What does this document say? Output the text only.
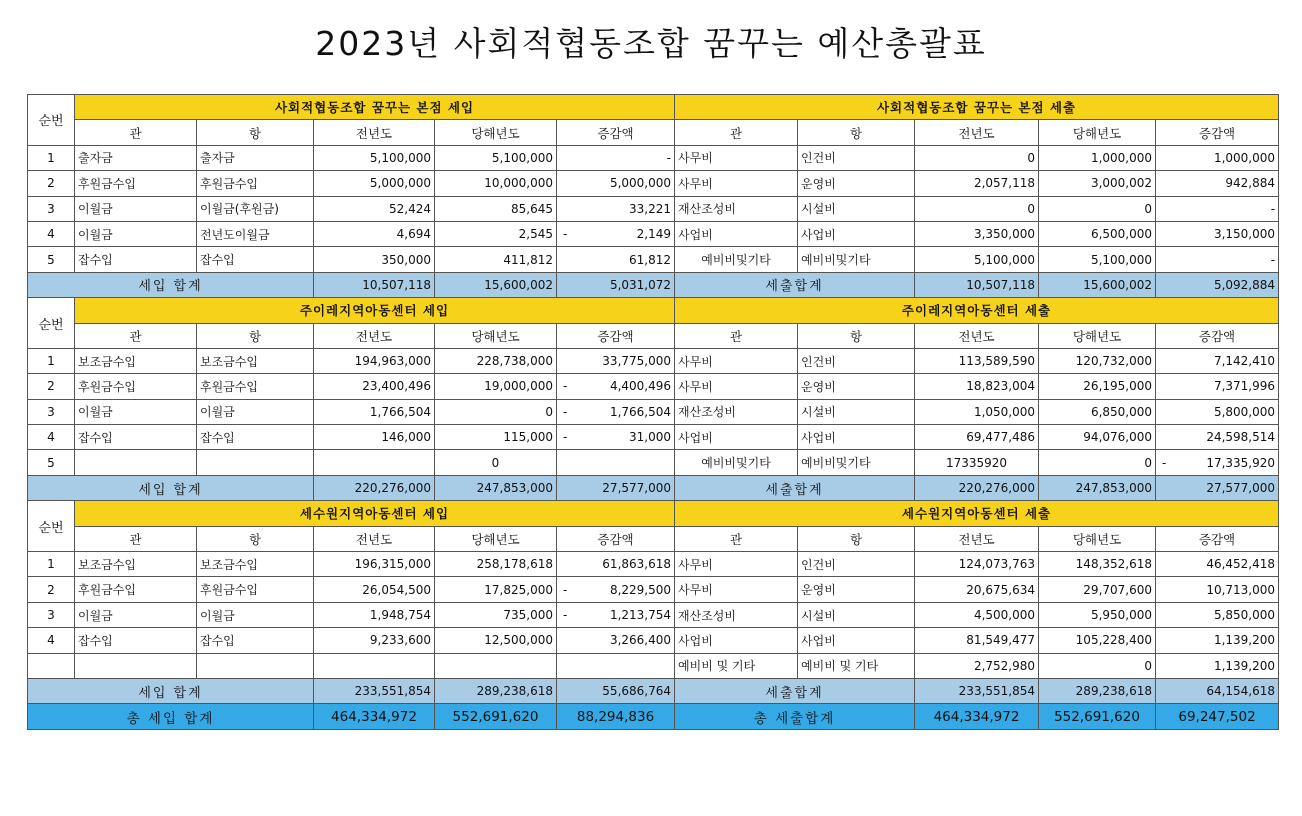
2023년 사회적협동조합 꿈꾸는 예산총괄표
순번	사회적협동조합 꿈꾸는 본점 세입					사회적협동조합 꿈꾸는 본점 세출				
	관	항	전년도	당해년도	증감액	관	항	전년도	당해년도	증감액
1	출자금	출자금	5,100,000	5,100,000	-	사무비	인건비	0	1,000,000	1,000,000
2	후원금수입	후원금수입	5,000,000	10,000,000	5,000,000	사무비	운영비	2,057,118	3,000,002	942,884
3	이월금	이월금(후원금)	52,424	85,645	33,221	재산조성비	시설비	0	0	-
4	이월금	전년도이월금	4,694	2,545	- 2,149	사업비	사업비	3,350,000	6,500,000	3,150,000
5	잡수입	잡수입	350,000	411,812	61,812	예비비및기타	예비비및기타	5,100,000	5,100,000	-
세입 합계			10,507,118	15,600,002	5,031,072	세출합계		10,507,118	15,600,002	5,092,884
순번	주이레지역아동센터 세입					주이레지역아동센터 세출				
	관	항	전년도	당해년도	증감액	관	항	전년도	당해년도	증감액
1	보조금수입	보조금수입	194,963,000	228,738,000	33,775,000	사무비	인건비	113,589,590	120,732,000	7,142,410
2	후원금수입	후원금수입	23,400,496	19,000,000	- 4,400,496	사무비	운영비	18,823,004	26,195,000	7,371,996
3	이월금	이월금	1,766,504	0	- 1,766,504	재산조성비	시설비	1,050,000	6,850,000	5,800,000
4	잡수입	잡수입	146,000	115,000	- 31,000	사업비	사업비	69,477,486	94,076,000	24,598,514
5				0		예비비및기타	예비비및기타	17335920	0	- 17,335,920
세입 합계			220,276,000	247,853,000	27,577,000	세출합계		220,276,000	247,853,000	27,577,000
순번	세수원지역아동센터 세입					세수원지역아동센터 세출				
	관	항	전년도	당해년도	증감액	관	항	전년도	당해년도	증감액
1	보조금수입	보조금수입	196,315,000	258,178,618	61,863,618	사무비	인건비	124,073,763	148,352,618	46,452,418
2	후원금수입	후원금수입	26,054,500	17,825,000	- 8,229,500	사무비	운영비	20,675,634	29,707,600	10,713,000
3	이월금	이월금	1,948,754	735,000	- 1,213,754	재산조성비	시설비	4,500,000	5,950,000	5,850,000
4	잡수입	잡수입	9,233,600	12,500,000	3,266,400	사업비	사업비	81,549,477	105,228,400	1,139,200
						예비비 및 기타	예비비 및 기타	2,752,980	0	1,139,200
세입 합계			233,551,854	289,238,618	55,686,764	세출합계		233,551,854	289,238,618	64,154,618
총 세입 합계			464,334,972	552,691,620	88,294,836	총 세출합계		464,334,972	552,691,620	69,247,502
